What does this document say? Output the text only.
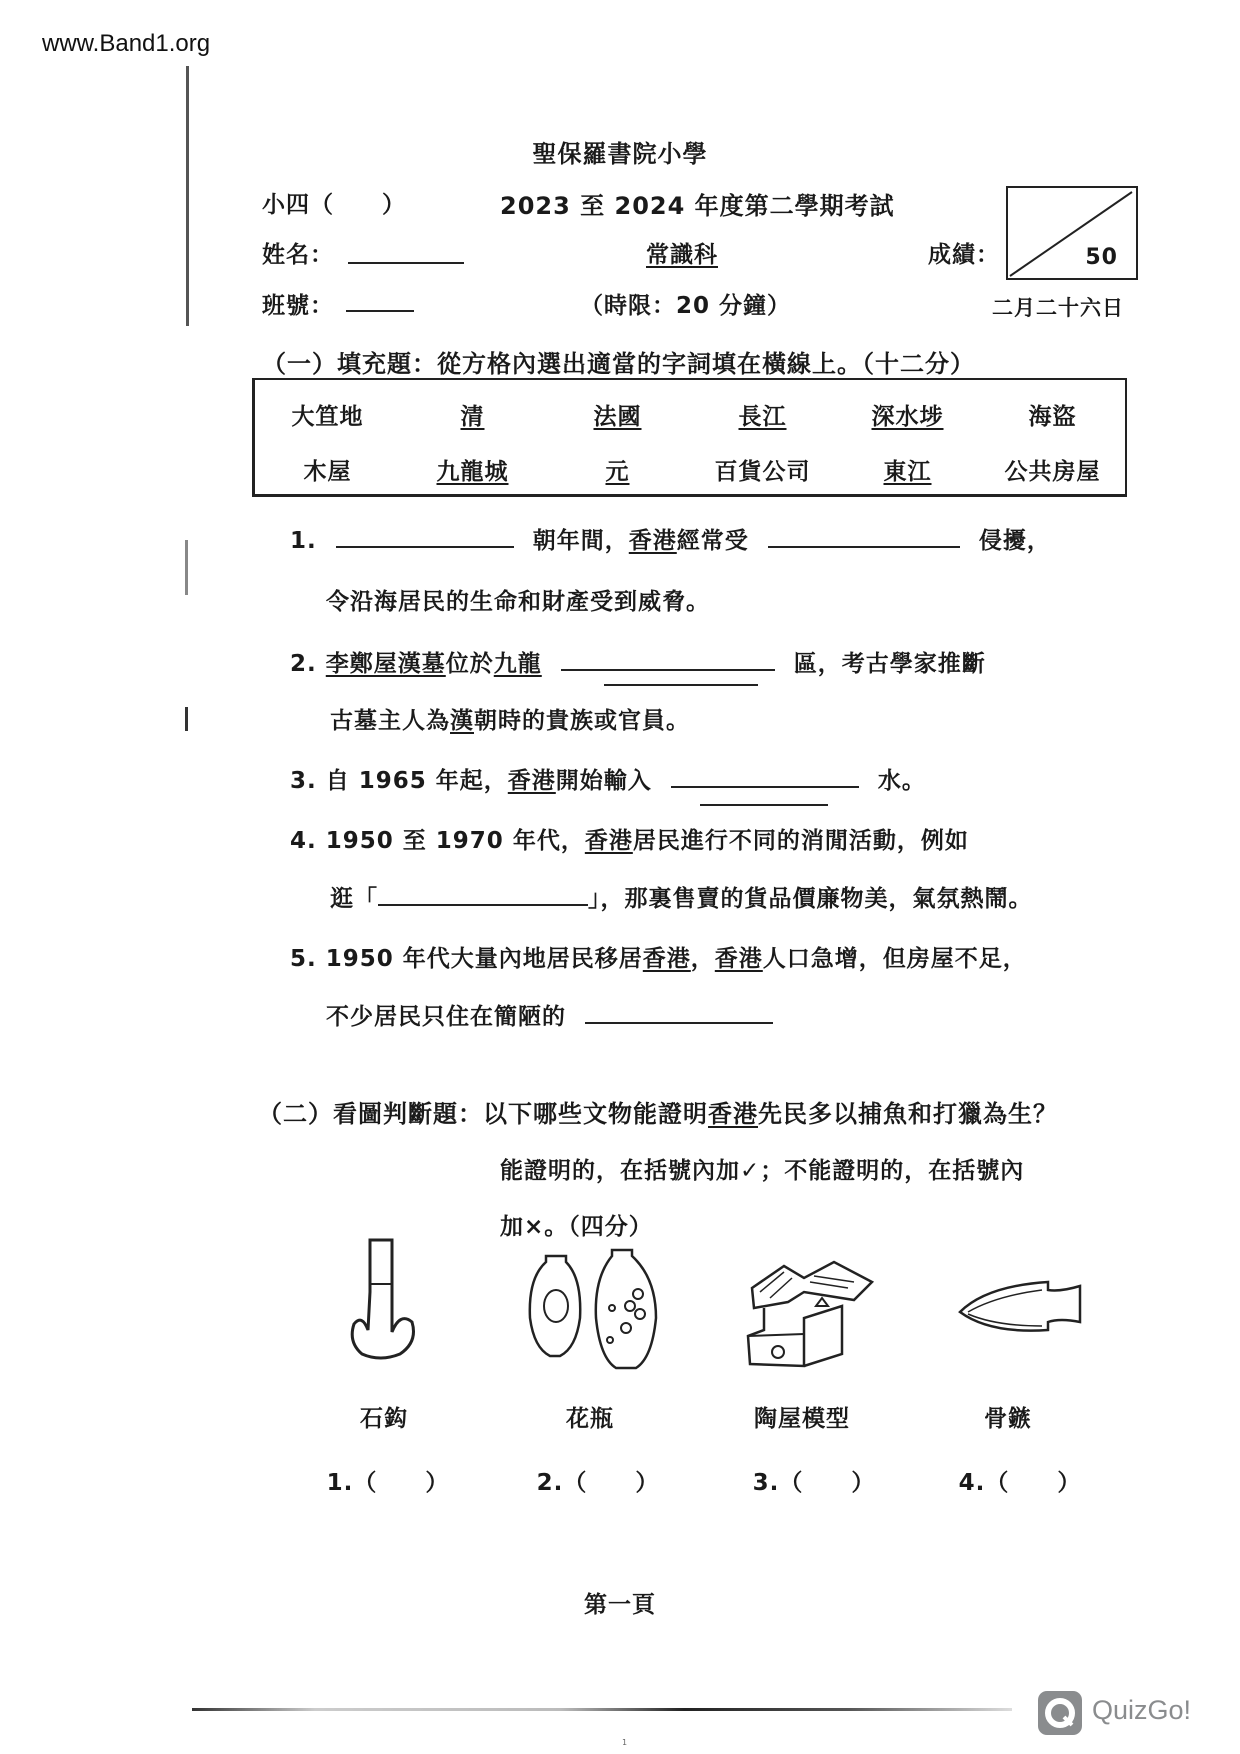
www.Band1.org
聖保羅書院小學
小四（　　）	2023 至 2024 年度第二學期考試
姓名：	常識科	成績：	50
班號：	（時限：20 分鐘）	二月二十六日
（一）填充題：從方格內選出適當的字詞填在橫線上。（十二分）
大笪地	清	法國	長江	深水埗	海盜
木屋	九龍城	元	百貨公司	東江	公共房屋
1.	朝年間，香港經常受	侵擾，
令沿海居民的生命和財產受到威脅。
2. 李鄭屋漢墓位於九龍	區，考古學家推斷
古墓主人為漢朝時的貴族或官員。
3. 自 1965 年起，香港開始輸入	水。
4. 1950 至 1970 年代，香港居民進行不同的消閒活動，例如
逛「	」，那裏售賣的貨品價廉物美，氣氛熱鬧。
5. 1950 年代大量內地居民移居香港，香港人口急增，但房屋不足，
不少居民只住在簡陋的
（二）看圖判斷題：以下哪些文物能證明香港先民多以捕魚和打獵為生？
能證明的，在括號內加✓；不能證明的，在括號內
加×。（四分）
石鈎	花瓶	陶屋模型	骨鏃
1.（　　）	2.（　　）	3.（　　）	4.（　　）
第一頁
1
QuizGo!
